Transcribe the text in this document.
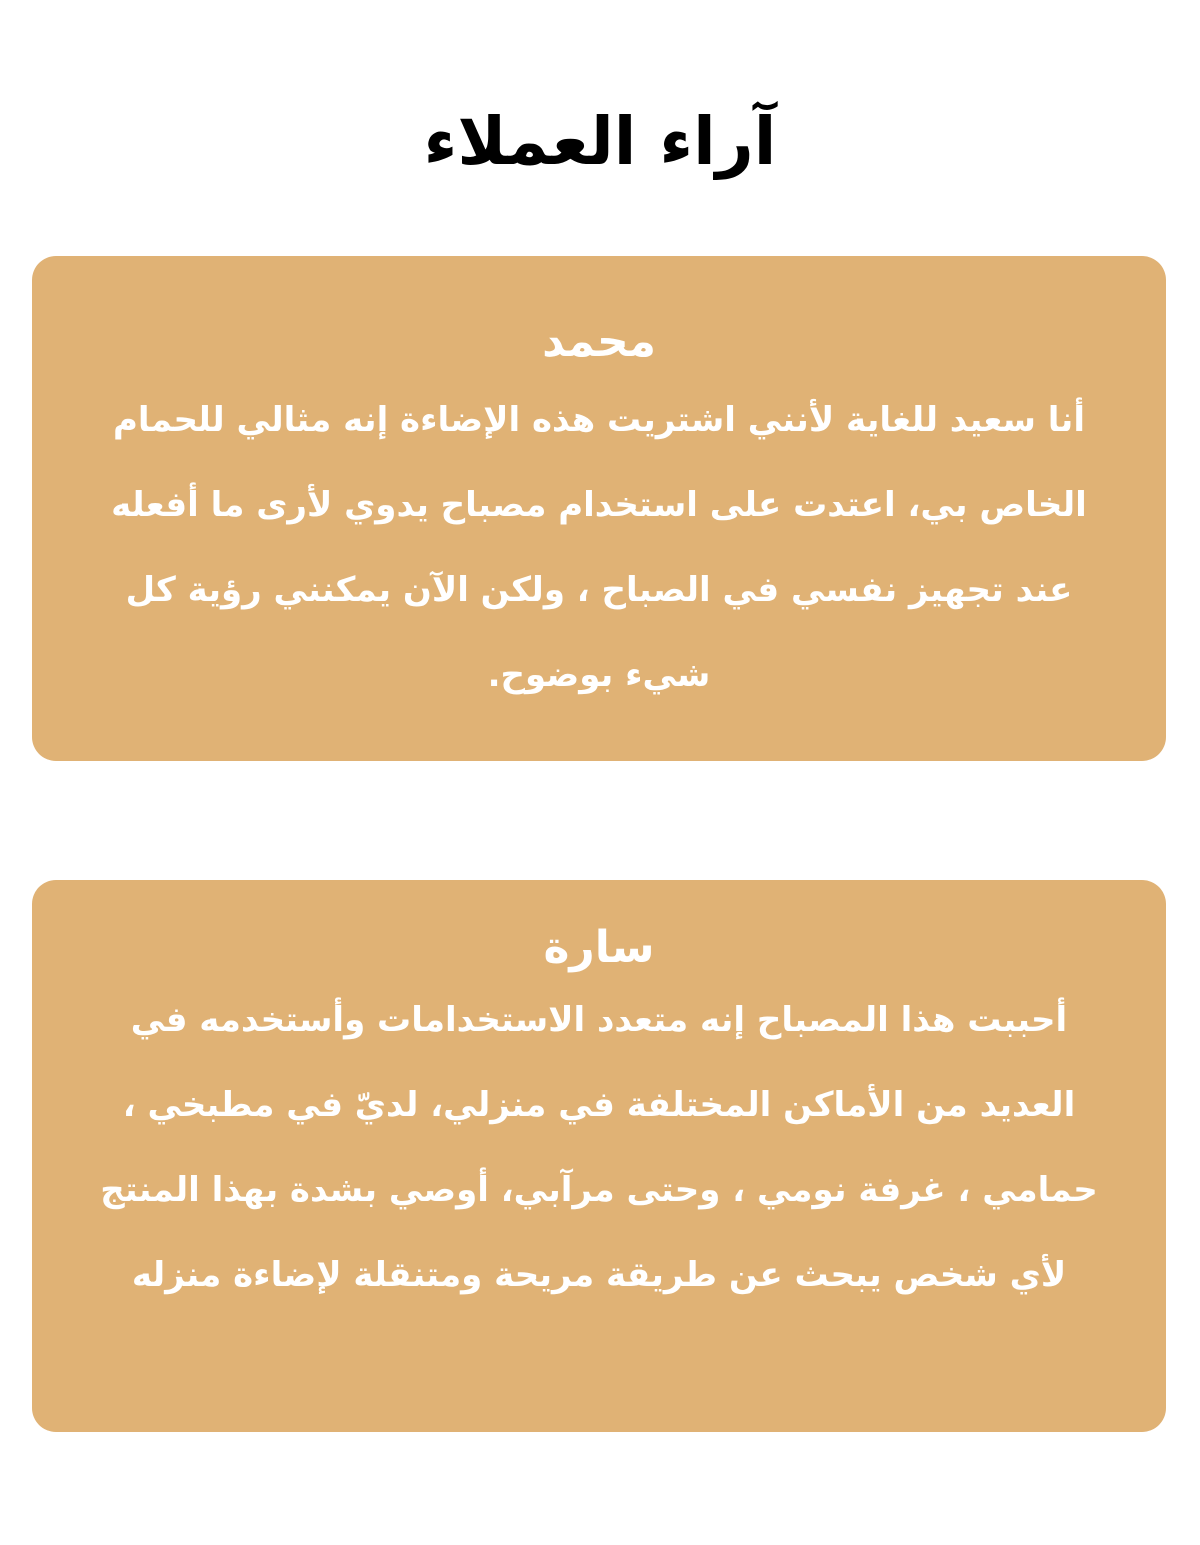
آراء العملاء
محمد

أنا سعيد للغاية لأنني اشتريت هذه الإضاءة إنه مثالي للحمام الخاص بي، اعتدت على استخدام مصباح يدوي لأرى ما أفعله عند تجهيز نفسي في الصباح ، ولكن الآن يمكنني رؤية كل شيء بوضوح.

سارة

أحببت هذا المصباح إنه متعدد الاستخدامات وأستخدمه في العديد من الأماكن المختلفة في منزلي، لديّ في مطبخي ، حمامي ، غرفة نومي ، وحتى مرآبي، أوصي بشدة بهذا المنتج لأي شخص يبحث عن طريقة مريحة ومتنقلة لإضاءة منزله
